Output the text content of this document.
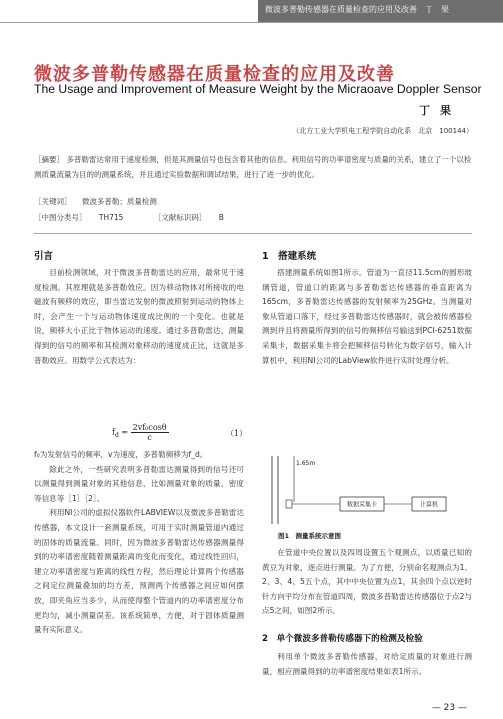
微波多普勒传感器在质量检查的应用及改善　丁　果
微波多普勒传感器在质量检查的应用及改善
The Usage and Improvement of Measure Weight by the Micraoave Doppler Sensor
丁果
（北方工业大学机电工程学院自动化系　北京　100144）
［摘要］ 多普勒雷达常用于速度检测，但是其测量信号也包含着其他的信息。利用信号的功率谱密度与质量的关系，建立了一个以检测质量流量为目的的测量系统，并且通过实验数据和调试结果，进行了进一步的优化。
［关键词］ 微波多普勒；质量检测
［中图分类号］ TH715	［文献标识码］ B
引言

目前检测领域，对于微波多普勒雷达的应用，最常见于速度检测。其原理就是多普勒效应。因为移动物体对所接收的电磁波有频移的效应，即当雷达发射的微波照射到运动的物体上时，会产生一个与运动物体速度成比例的一个变化。也就是说，频移大小正比于物体运动的速度。通过多普勒雷达，测量得到的信号的频率和其检测对象移动的速度成正比，这就是多普勒效应。用数学公式表达为：

$f_d = \frac{\text{2vf₀cosθ}}{c}$	（1）

f₀为发射信号的频率，v为速度，多普勒频移为f_d。

除此之外，一些研究表明多普勒雷达测量得到的信号还可以测量得到测量对象的其他信息，比如测量对象的质量，密度等信息等［1］［2］。

利用NI公司的虚拟仪器软件LABVIEW以及微波多普勒雷达传感器，本文设计一套测量系统，可用于实时测量管道内通过的固体的质量流量。同时，因为微波多普勒雷达传感器测量得到的功率谱密度随着测量距离的变化而变化，通过线性回归，建立功率谱密度与距离的线性方程，然后理论计算两个传感器之间定位测量叠加的均方差，预测两个传感器之间应如何摆放，即夹角应当多少，从而使得整个管道内的功率谱密度分布更均匀，减小测量误差。该系统简单，方便，对于固体质量测量有实际意义。

1　搭建系统

搭建测量系统如图1所示。管道为一直径11.5cm的圆形玻璃管道，管道口的距离与多普勒雷达传感器的垂直距离为165cm，多普勒雷达传感器的发射频率为25GHz。当测量对象从管道口落下，经过多普勒雷达传感器时，就会被传感器检测到并且将测量所得到的信号的频移信号输送到PCI-6251数据采集卡，数据采集卡将会把频移信号转化为数字信号，输入计算机中，利用NI公司的LabView软件进行实时处理分析。

1.65m
数据采集卡	计算机
图1　测量系统示意图

在管道中央位置以及四周设置五个观测点，以质量已知的黄豆为对象，逐点进行测量。为了方便，分别命名观测点为1、2、3、4、5五个点，其中中央位置为点1，其余四个点以逆时针方向平均分布在管道四周，微波多普勒雷达传感器位于点2与点5之间，如图2所示。

2　单个微波多普勒传感器下的检测及检验

利用单个微波多普勒传感器，对给定质量的对象进行测量，相应测量得到的功率谱密度结果如表1所示。

— 23 —
